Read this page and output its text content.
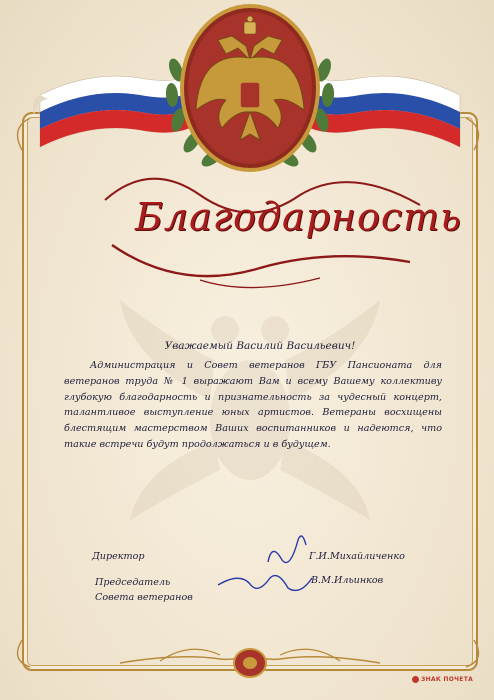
Благодарность
Уважаемый Василий Васильевич!
Администрация и Совет ветеранов ГБУ Пансионата для ветеранов труда № 1 выражают Вам и всему Вашему коллективу глубокую благодарность и признательность за чудесный концерт, талантливое выступление юных артистов. Ветераны восхищены блестящим мастерством Ваших воспитанников и надеются, что такие встречи будут продолжаться и в будущем.
Директор	Г.И.Михайличенко
Председатель
Совета ветеранов
В.М.Ильинков
ЗНАК ПОЧЕТА
